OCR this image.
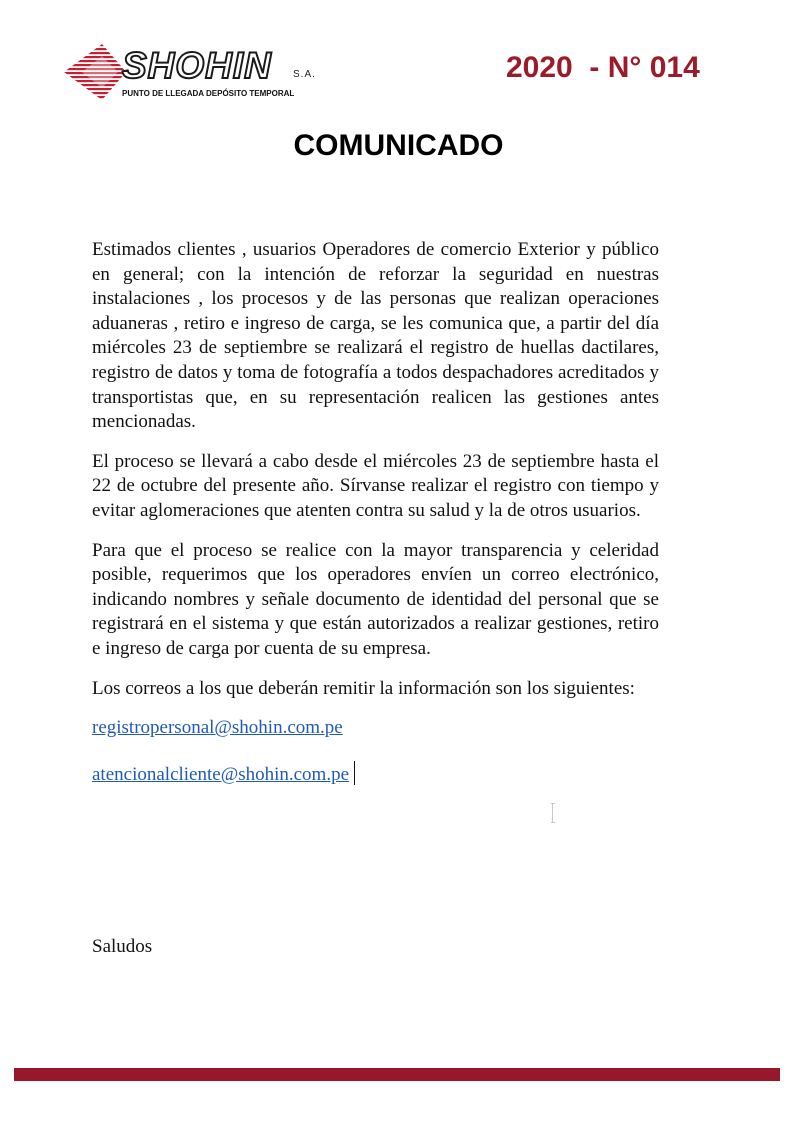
SHOHIN S.A.
PUNTO DE LLEGADA DEPÓSITO TEMPORAL
2020  - N° 014
COMUNICADO

Estimados clientes , usuarios Operadores de comercio Exterior y público en general; con la intención de reforzar la seguridad en nuestras instalaciones , los procesos y de las personas que realizan operaciones aduaneras , retiro e ingreso de carga, se les comunica que, a partir del día miércoles 23 de septiembre se realizará el registro de huellas dactilares, registro de datos y toma de fotografía a todos despachadores acreditados y transportistas que, en su representación realicen las gestiones antes mencionadas.

El proceso se llevará a cabo desde el miércoles 23 de septiembre hasta el 22 de octubre del presente año. Sírvanse realizar el registro con tiempo y evitar aglomeraciones que atenten contra su salud y la de otros usuarios.

Para que el proceso se realice con la mayor transparencia y celeridad posible, requerimos que los operadores envíen un correo electrónico, indicando nombres y señale documento de identidad del personal que se registrará en el sistema y que están autorizados a realizar gestiones, retiro e ingreso de carga por cuenta de su empresa.

Los correos a los que deberán remitir la información son los siguientes:

registropersonal@shohin.com.pe
atencionalcliente@shohin.com.pe
Saludos
